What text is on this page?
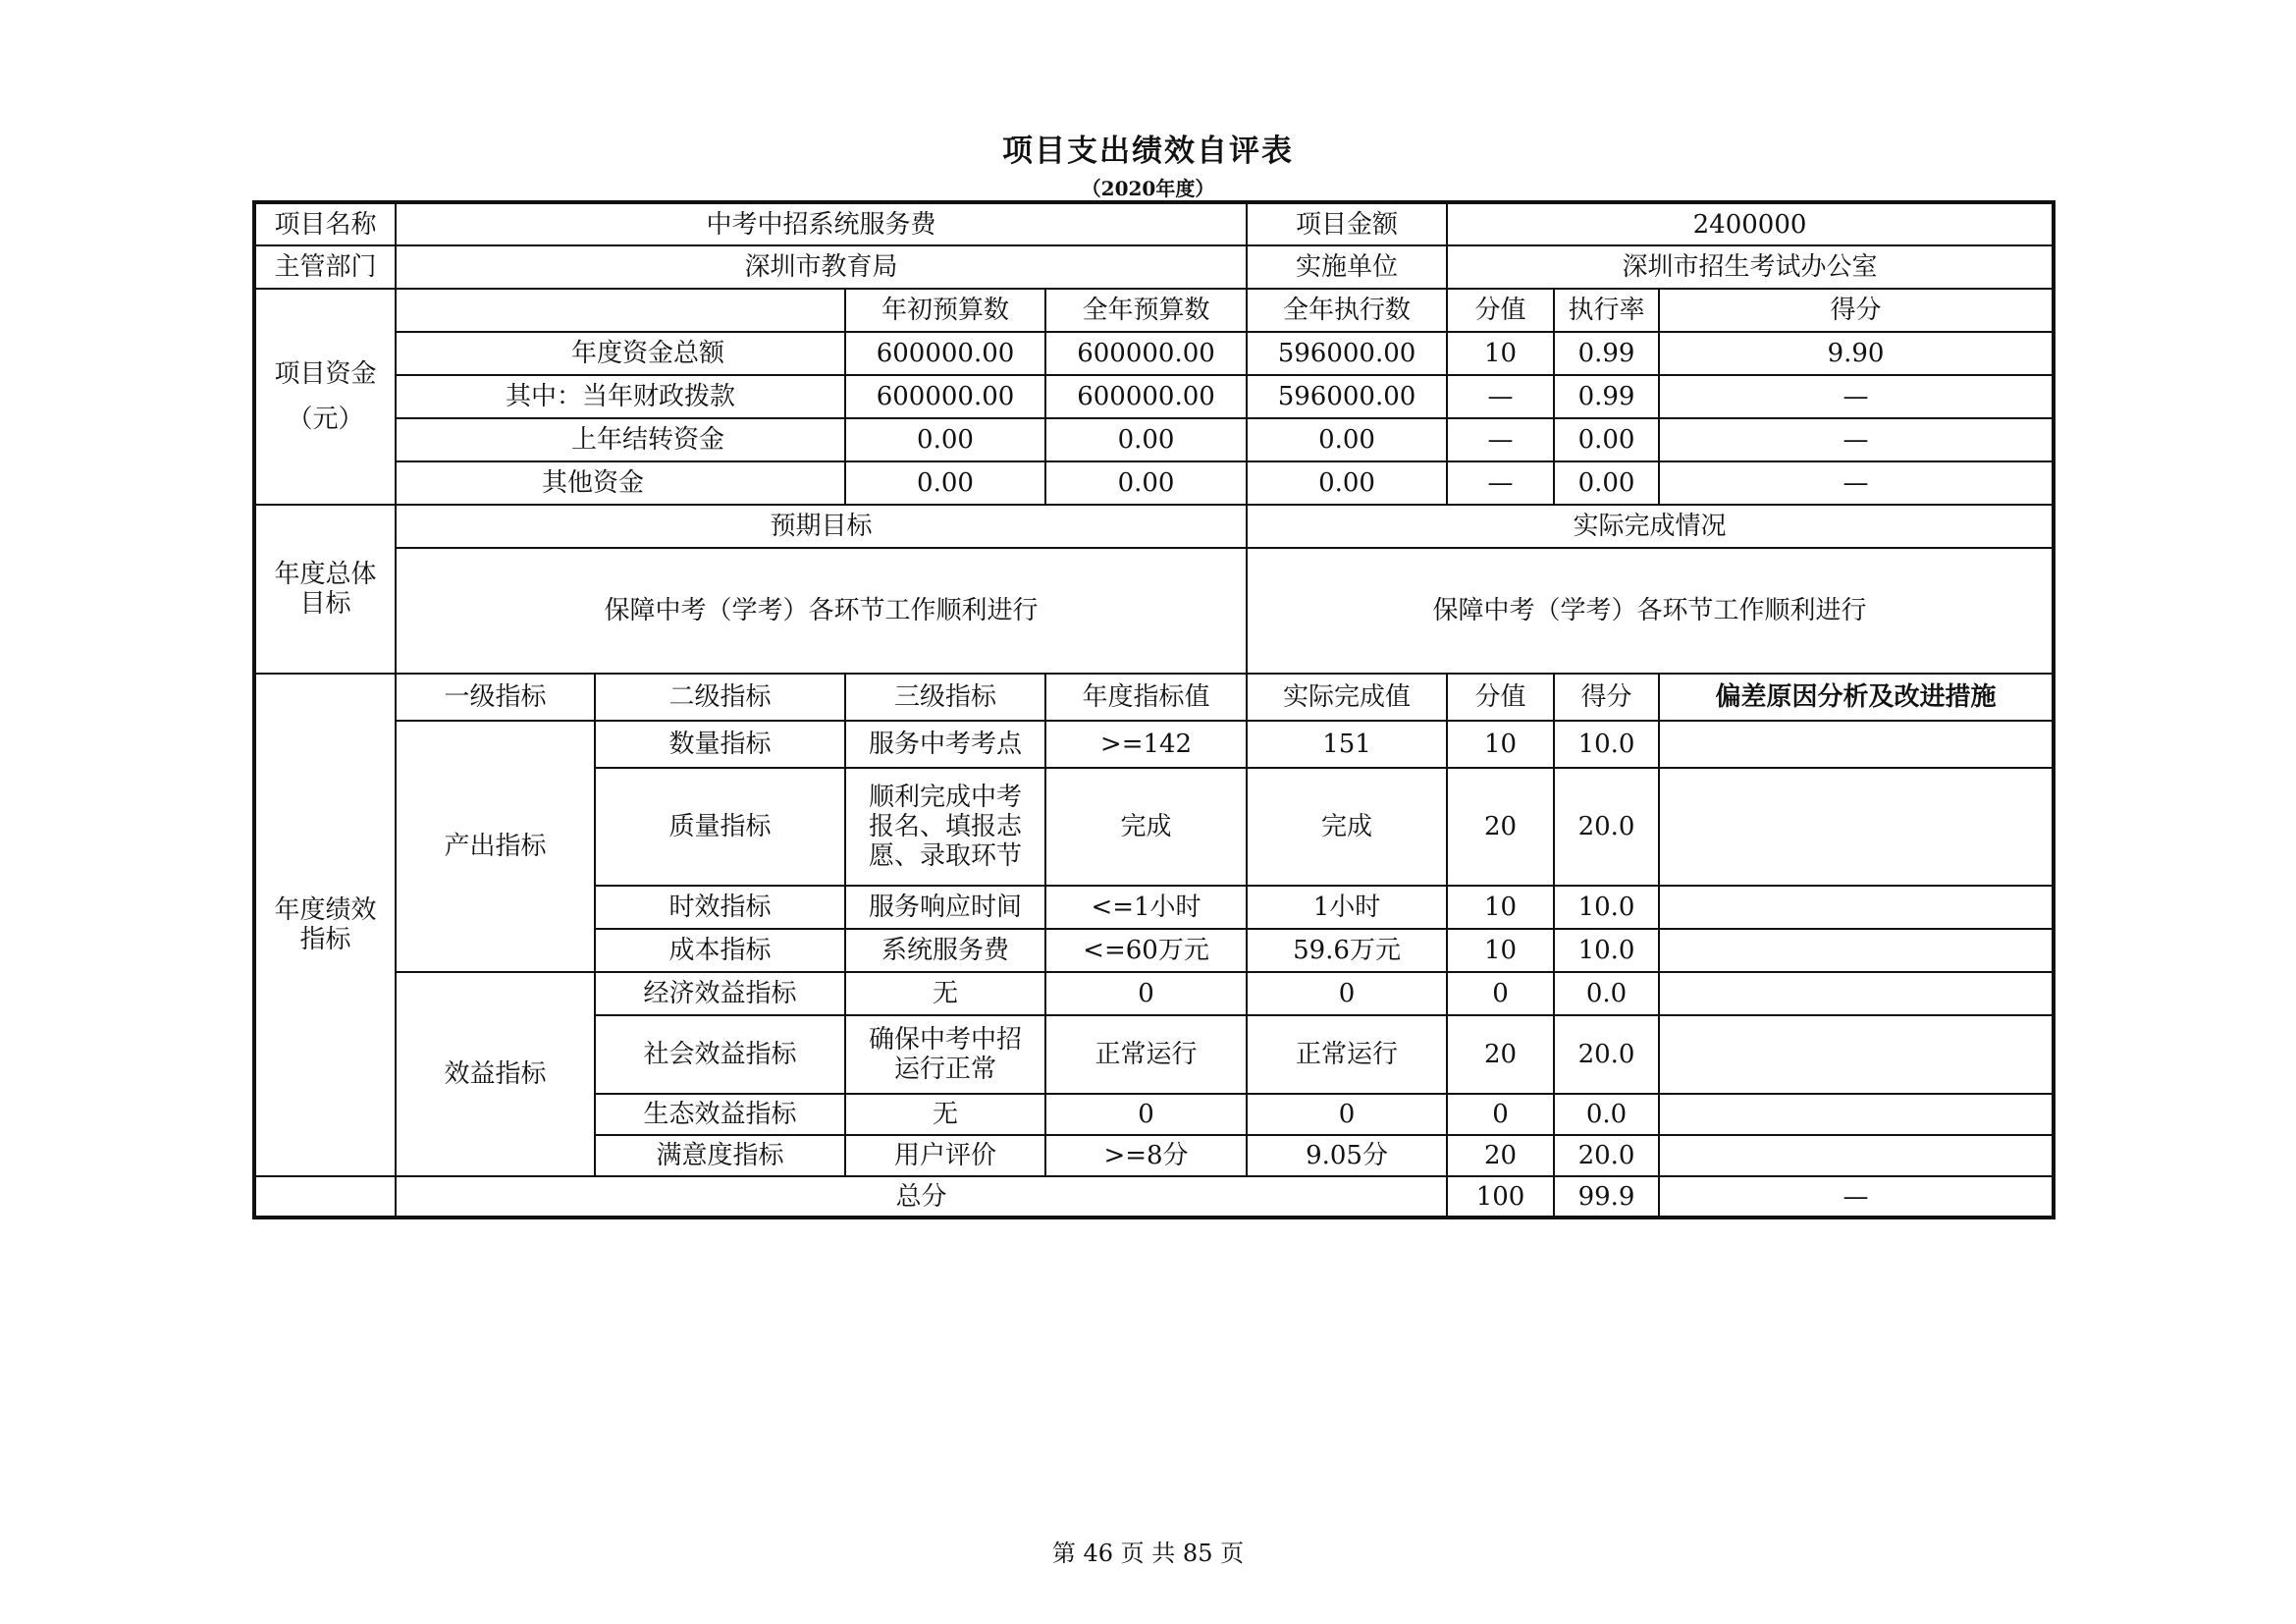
项目支出绩效自评表
（2020年度）
项目名称	中考中招系统服务费				项目金额	2400000		
主管部门	深圳市教育局				实施单位	深圳市招生考试办公室		

项目资金
（元）			年初预算数	全年预算数	全年执行数	分值	执行率	得分
	年度资金总额		600000.00	600000.00	596000.00	10	0.99	9.90
	其中：当年财政拨款		600000.00	600000.00	596000.00	—	0.99	—
	上年结转资金		0.00	0.00	0.00	—	0.00	—
	其他资金		0.00	0.00	0.00	—	0.00	—

年度总体
目标	预期目标				实际完成情况			
	保障中考（学考）各环节工作顺利进行				保障中考（学考）各环节工作顺利进行			

年度绩效
指标	一级指标	二级指标	三级指标	年度指标值	实际完成值	分值	得分	偏差原因分析及改进措施
	产出指标	数量指标	服务中考考点	>=142	151	10	10.0	
		质量指标	顺利完成中考报名、填报志愿、录取环节	完成	完成	20	20.0	
		时效指标	服务响应时间	<=1小时	1小时	10	10.0	
		成本指标	系统服务费	<=60万元	59.6万元	10	10.0	
	效益指标	经济效益指标	无	0	0	0	0.0	
		社会效益指标	确保中考中招运行正常	正常运行	正常运行	20	20.0	
		生态效益指标	无	0	0	0	0.0	
		满意度指标	用户评价	>=8分	9.05分	20	20.0	
	总分					100	99.9	—
第 46 页 共 85 页
